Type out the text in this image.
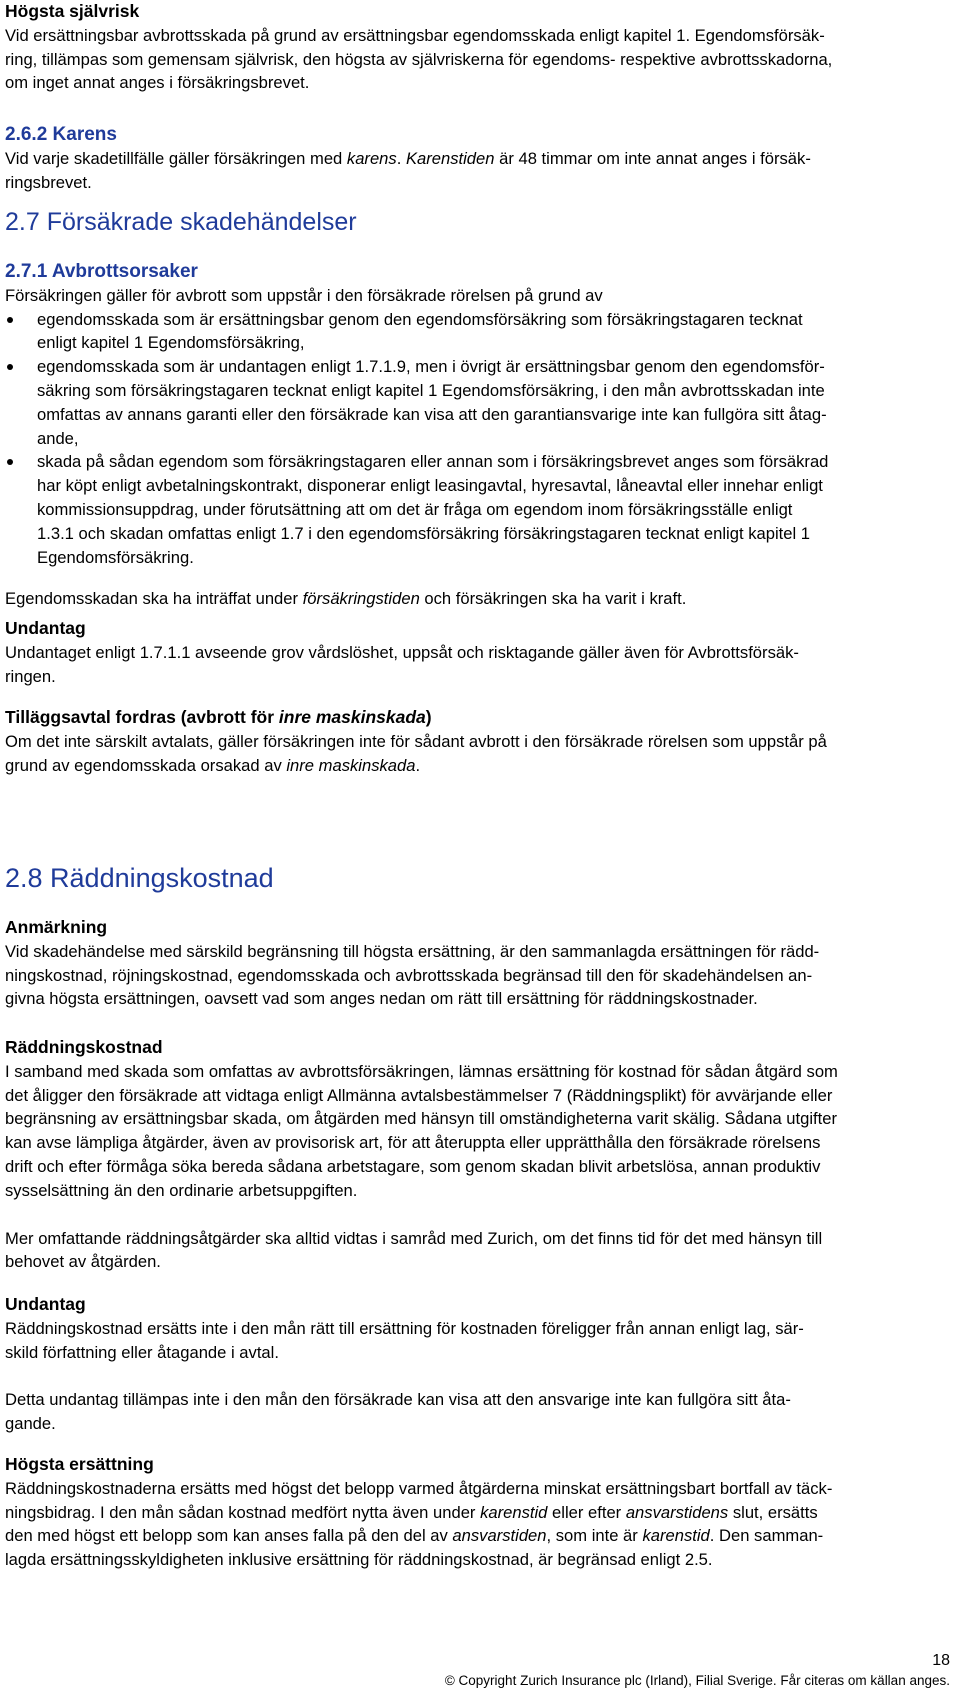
Högsta självrisk

Vid ersättningsbar avbrottsskada på grund av ersättningsbar egendomsskada enligt kapitel 1. Egendomsförsäk-

ring, tillämpas som gemensam självrisk, den högsta av självriskerna för egendoms- respektive avbrottsskadorna,

om inget annat anges i försäkringsbrevet.

2.6.2 Karens

Vid varje skadetillfälle gäller försäkringen med karens. Karenstiden är 48 timmar om inte annat anges i försäk-

ringsbrevet.

2.7 Försäkrade skadehändelser

2.7.1 Avbrottsorsaker

Försäkringen gäller för avbrott som uppstår i den försäkrade rörelsen på grund av

egendomsskada som är ersättningsbar genom den egendomsförsäkring som försäkringstagaren tecknat

enligt kapitel 1 Egendomsförsäkring,

egendomsskada som är undantagen enligt 1.7.1.9, men i övrigt är ersättningsbar genom den egendomsför-

säkring som försäkringstagaren tecknat enligt kapitel 1 Egendomsförsäkring, i den mån avbrottsskadan inte

omfattas av annans garanti eller den försäkrade kan visa att den garantiansvarige inte kan fullgöra sitt åtag-

ande,

skada på sådan egendom som försäkringstagaren eller annan som i försäkringsbrevet anges som försäkrad

har köpt enligt avbetalningskontrakt, disponerar enligt leasingavtal, hyresavtal, låneavtal eller innehar enligt

kommissionsuppdrag, under förutsättning att om det är fråga om egendom inom försäkringsställe enligt

1.3.1 och skadan omfattas enligt 1.7 i den egendomsförsäkring försäkringstagaren tecknat enligt kapitel 1

Egendomsförsäkring.

Egendomsskadan ska ha inträffat under försäkringstiden och försäkringen ska ha varit i kraft.

Undantag

Undantaget enligt 1.7.1.1 avseende grov vårdslöshet, uppsåt och risktagande gäller även för Avbrottsförsäk-

ringen.

Tilläggsavtal fordras (avbrott för inre maskinskada)

Om det inte särskilt avtalats, gäller försäkringen inte för sådant avbrott i den försäkrade rörelsen som uppstår på

grund av egendomsskada orsakad av inre maskinskada.

2.8 Räddningskostnad

Anmärkning

Vid skadehändelse med särskild begränsning till högsta ersättning, är den sammanlagda ersättningen för rädd-

ningskostnad, röjningskostnad, egendomsskada och avbrottsskada begränsad till den för skadehändelsen an-

givna högsta ersättningen, oavsett vad som anges nedan om rätt till ersättning för räddningskostnader.

Räddningskostnad

I samband med skada som omfattas av avbrottsförsäkringen, lämnas ersättning för kostnad för sådan åtgärd som

det åligger den försäkrade att vidtaga enligt Allmänna avtalsbestämmelser 7 (Räddningsplikt) för avvärjande eller

begränsning av ersättningsbar skada, om åtgärden med hänsyn till omständigheterna varit skälig. Sådana utgifter

kan avse lämpliga åtgärder, även av provisorisk art, för att återuppta eller upprätthålla den försäkrade rörelsens

drift och efter förmåga söka bereda sådana arbetstagare, som genom skadan blivit arbetslösa, annan produktiv

sysselsättning än den ordinarie arbetsuppgiften.

Mer omfattande räddningsåtgärder ska alltid vidtas i samråd med Zurich, om det finns tid för det med hänsyn till

behovet av åtgärden.

Undantag

Räddningskostnad ersätts inte i den mån rätt till ersättning för kostnaden föreligger från annan enligt lag, sär-

skild författning eller åtagande i avtal.

Detta undantag tillämpas inte i den mån den försäkrade kan visa att den ansvarige inte kan fullgöra sitt åta-

gande.

Högsta ersättning

Räddningskostnaderna ersätts med högst det belopp varmed åtgärderna minskat ersättningsbart bortfall av täck-

ningsbidrag. I den mån sådan kostnad medfört nytta även under karenstid eller efter ansvarstidens slut, ersätts

den med högst ett belopp som kan anses falla på den del av ansvarstiden, som inte är karenstid. Den samman-

lagda ersättningsskyldigheten inklusive ersättning för räddningskostnad, är begränsad enligt 2.5.

18
© Copyright Zurich Insurance plc (Irland), Filial Sverige. Får citeras om källan anges.
